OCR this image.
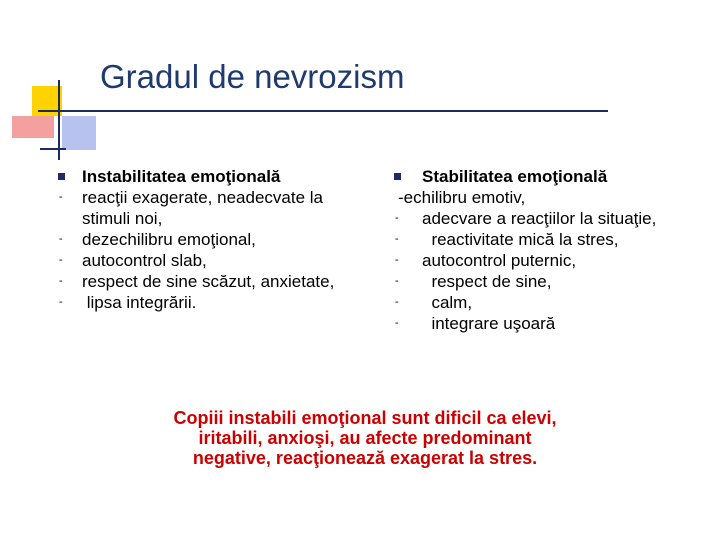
Gradul de nevrozism
Instabilitatea emoţională
- reacţii exagerate, neadecvate la stimuli noi,
- dezechilibru emoţional,
- autocontrol slab,
- respect de sine scăzut, anxietate,
- lipsa integrării.
Stabilitatea emoţională
-echilibru emotiv,
- adecvare a reacţiilor la situaţie,
- reactivitate mică la stres,
- autocontrol puternic,
- respect de sine,
- calm,
- integrare uşoară
Copiii instabili emoţional sunt dificil ca elevi, iritabili, anxioşi, au afecte predominant negative, reacţionează exagerat la stres.
